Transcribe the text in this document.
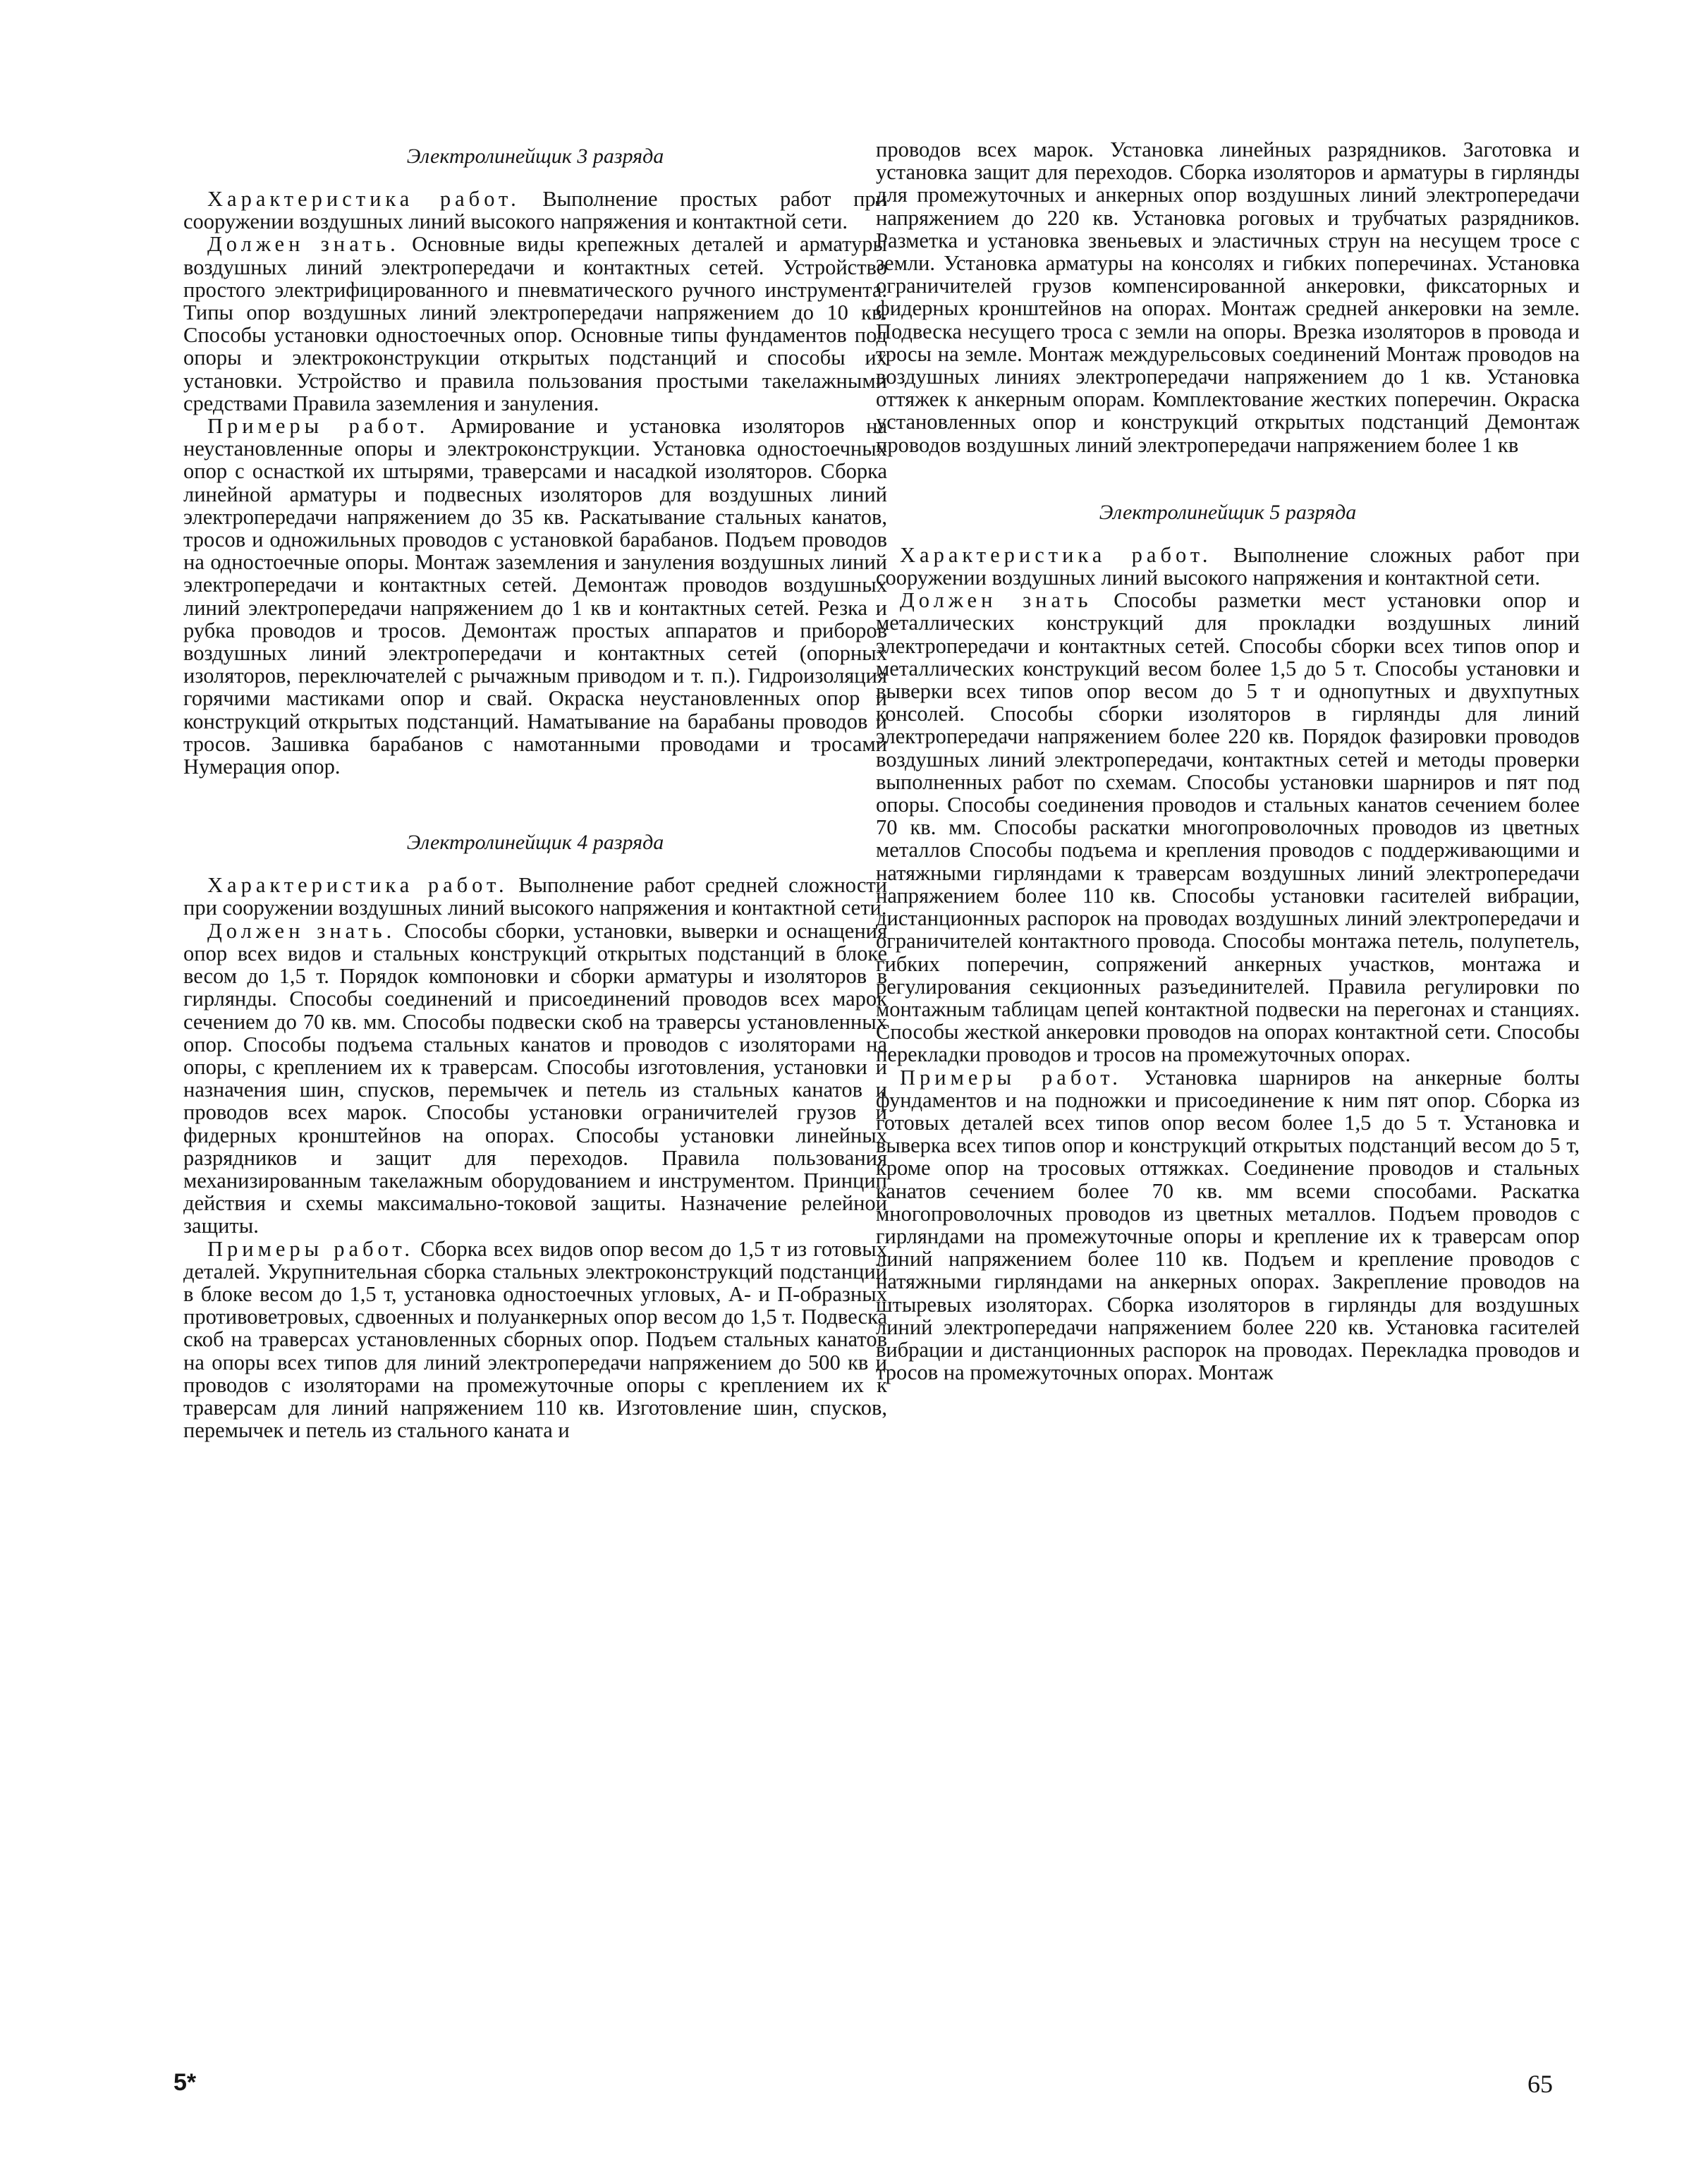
Электролинейщик 3 разряда

Характеристика работ. Выполнение простых работ при сооружении воздушных линий высокого напряжения и контактной сети.

Должен знать. Основные виды крепежных деталей и арматуры воздушных линий электропередачи и контактных сетей. Устройство простого электрифицированного и пневматического ручного инструмента. Типы опор воздушных линий электропередачи напряжением до 10 кв. Способы установки одностоечных опор. Основные типы фундаментов под опоры и электроконструкции открытых подстанций и способы их установки. Устройство и правила пользования простыми такелажными средствами Правила заземления и зануления.

Примеры работ. Армирование и установка изоляторов на неустановленные опоры и электроконструкции. Установка одностоечных опор с оснасткой их штырями, траверсами и насадкой изоляторов. Сборка линейной арматуры и подвесных изоляторов для воздушных линий электропередачи напряжением до 35 кв. Раскатывание стальных канатов, тросов и одножильных проводов с установкой барабанов. Подъем проводов на одностоечные опоры. Монтаж заземления и зануления воздушных линий электропередачи и контактных сетей. Демонтаж проводов воздушных линий электропередачи напряжением до 1 кв и контактных сетей. Резка и рубка проводов и тросов. Демонтаж простых аппаратов и приборов воздушных линий электропередачи и контактных сетей (опорных изоляторов, переключателей с рычажным приводом и т. п.). Гидроизоляция горячими мастиками опор и свай. Окраска неустановленных опор и конструкций открытых подстанций. Наматывание на барабаны проводов и тросов. Зашивка барабанов с намотанными проводами и тросами Нумерация опор.

Электролинейщик 4 разряда

Характеристика работ. Выполнение работ средней сложности при сооружении воздушных линий высокого напряжения и контактной сети.

Должен знать. Способы сборки, установки, выверки и оснащения опор всех видов и стальных конструкций открытых подстанций в блоке весом до 1,5 т. Порядок компоновки и сборки арматуры и изоляторов в гирлянды. Способы соединений и присоединений проводов всех марок сечением до 70 кв. мм. Способы подвески скоб на траверсы установленных опор. Способы подъема стальных канатов и проводов с изоляторами на опоры, с креплением их к траверсам. Способы изготовления, установки и назначения шин, спусков, перемычек и петель из стальных канатов и проводов всех марок. Способы установки ограничителей грузов и фидерных кронштейнов на опорах. Способы установки линейных разрядников и защит для переходов. Правила пользования механизированным такелажным оборудованием и инструментом. Принцип действия и схемы максимально-токовой защиты. Назначение релейной защиты.

Примеры работ. Сборка всех видов опор весом до 1,5 т из готовых деталей. Укрупнительная сборка стальных электроконструкций подстанций в блоке весом до 1,5 т, установка одностоечных угловых, А- и П-образных противоветровых, сдвоенных и полуанкерных опор весом до 1,5 т. Подвеска скоб на траверсах установленных сборных опор. Подъем стальных канатов на опоры всех типов для линий электропередачи напряжением до 500 кв и проводов с изоляторами на промежуточные опоры с креплением их к траверсам для линий напряжением 110 кв. Изготовление шин, спусков, перемычек и петель из стального каната и

проводов всех марок. Установка линейных разрядников. Заготовка и установка защит для переходов. Сборка изоляторов и арматуры в гирлянды для промежуточных и анкерных опор воздушных линий электропередачи напряжением до 220 кв. Установка роговых и трубчатых разрядников. Разметка и установка звеньевых и эластичных струн на несущем тросе с земли. Установка арматуры на консолях и гибких поперечинах. Установка ограничителей грузов компенсированной анкеровки, фиксаторных и фидерных кронштейнов на опорах. Монтаж средней анкеровки на земле. Подвеска несущего троса с земли на опоры. Врезка изоляторов в провода и тросы на земле. Монтаж междурельсовых соединений Монтаж проводов на воздушных линиях электропередачи напряжением до 1 кв. Установка оттяжек к анкерным опорам. Комплектование жестких поперечин. Окраска установленных опор и конструкций открытых подстанций Демонтаж проводов воздушных линий электропередачи напряжением более 1 кв

Электролинейщик 5 разряда

Характеристика работ. Выполнение сложных работ при сооружении воздушных линий высокого напряжения и контактной сети.

Должен знать Способы разметки мест установки опор и металлических конструкций для прокладки воздушных линий электропередачи и контактных сетей. Способы сборки всех типов опор и металлических конструкций весом более 1,5 до 5 т. Способы установки и выверки всех типов опор весом до 5 т и однопутных и двухпутных консолей. Способы сборки изоляторов в гирлянды для линий электропередачи напряжением более 220 кв. Порядок фазировки проводов воздушных линий электропередачи, контактных сетей и методы проверки выполненных работ по схемам. Способы установки шарниров и пят под опоры. Способы соединения проводов и стальных канатов сечением более 70 кв. мм. Способы раскатки многопроволочных проводов из цветных металлов Способы подъема и крепления проводов с поддерживающими и натяжными гирляндами к траверсам воздушных линий электропередачи напряжением более 110 кв. Способы установки гасителей вибрации, дистанционных распорок на проводах воздушных линий электропередачи и ограничителей контактного провода. Способы монтажа петель, полупетель, гибких поперечин, сопряжений анкерных участков, монтажа и регулирования секционных разъединителей. Правила регулировки по монтажным таблицам цепей контактной подвески на перегонах и станциях. Способы жесткой анкеровки проводов на опорах контактной сети. Способы перекладки проводов и тросов на промежуточных опорах.

Примеры работ. Установка шарниров на анкерные болты фундаментов и на подножки и присоединение к ним пят опор. Сборка из готовых деталей всех типов опор весом более 1,5 до 5 т. Установка и выверка всех типов опор и конструкций открытых подстанций весом до 5 т, кроме опор на тросовых оттяжках. Соединение проводов и стальных канатов сечением более 70 кв. мм всеми способами. Раскатка многопроволочных проводов из цветных металлов. Подъем проводов с гирляндами на промежуточные опоры и крепление их к траверсам опор линий напряжением более 110 кв. Подъем и крепление проводов с натяжными гирляндами на анкерных опорах. Закрепление проводов на штыревых изоляторах. Сборка изоляторов в гирлянды для воздушных линий электропередачи напряжением более 220 кв. Установка гасителей вибрации и дистанционных распорок на проводах. Перекладка проводов и тросов на промежуточных опорах. Монтаж

5*	65
